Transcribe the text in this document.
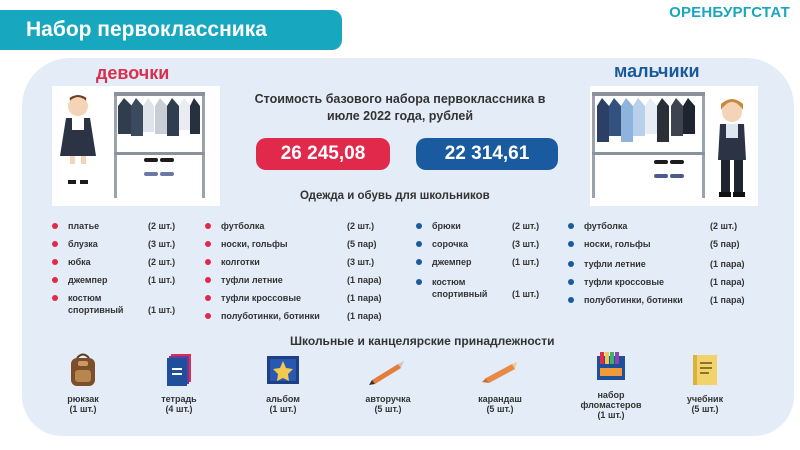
Набор первоклассника
ОРЕНБУРГСТАТ
девочки	мальчики
Стоимость базового набора первоклассника в июле 2022 года, рублей
26 245,08	22 314,61
Одежда и обувь для школьников
платье	(2 шт.)
блузка	(3 шт.)
юбка	(2 шт.)
джемпер	(1 шт.)
костюм спортивный	(1 шт.)
футболка	(2 шт.)
носки, гольфы	(5 пар)
колготки	(3 шт.)
туфли летние	(1 пара)
туфли кроссовые	(1 пара)
полуботинки, ботинки	(1 пара)
брюки	(2 шт.)
сорочка	(3 шт.)
джемпер	(1 шт.)
костюм спортивный	(1 шт.)
футболка	(2 шт.)
носки, гольфы	(5 пар)
туфли летние	(1 пара)
туфли кроссовые	(1 пара)
полуботинки, ботинки	(1 пара)
Школьные и канцелярские принадлежности
рюкзак
(1 шт.)
тетрадь
(4 шт.)
альбом
(1 шт.)
авторучка
(5 шт.)
карандаш
(5 шт.)
набор фломастеров
(1 шт.)
учебник
(5 шт.)
